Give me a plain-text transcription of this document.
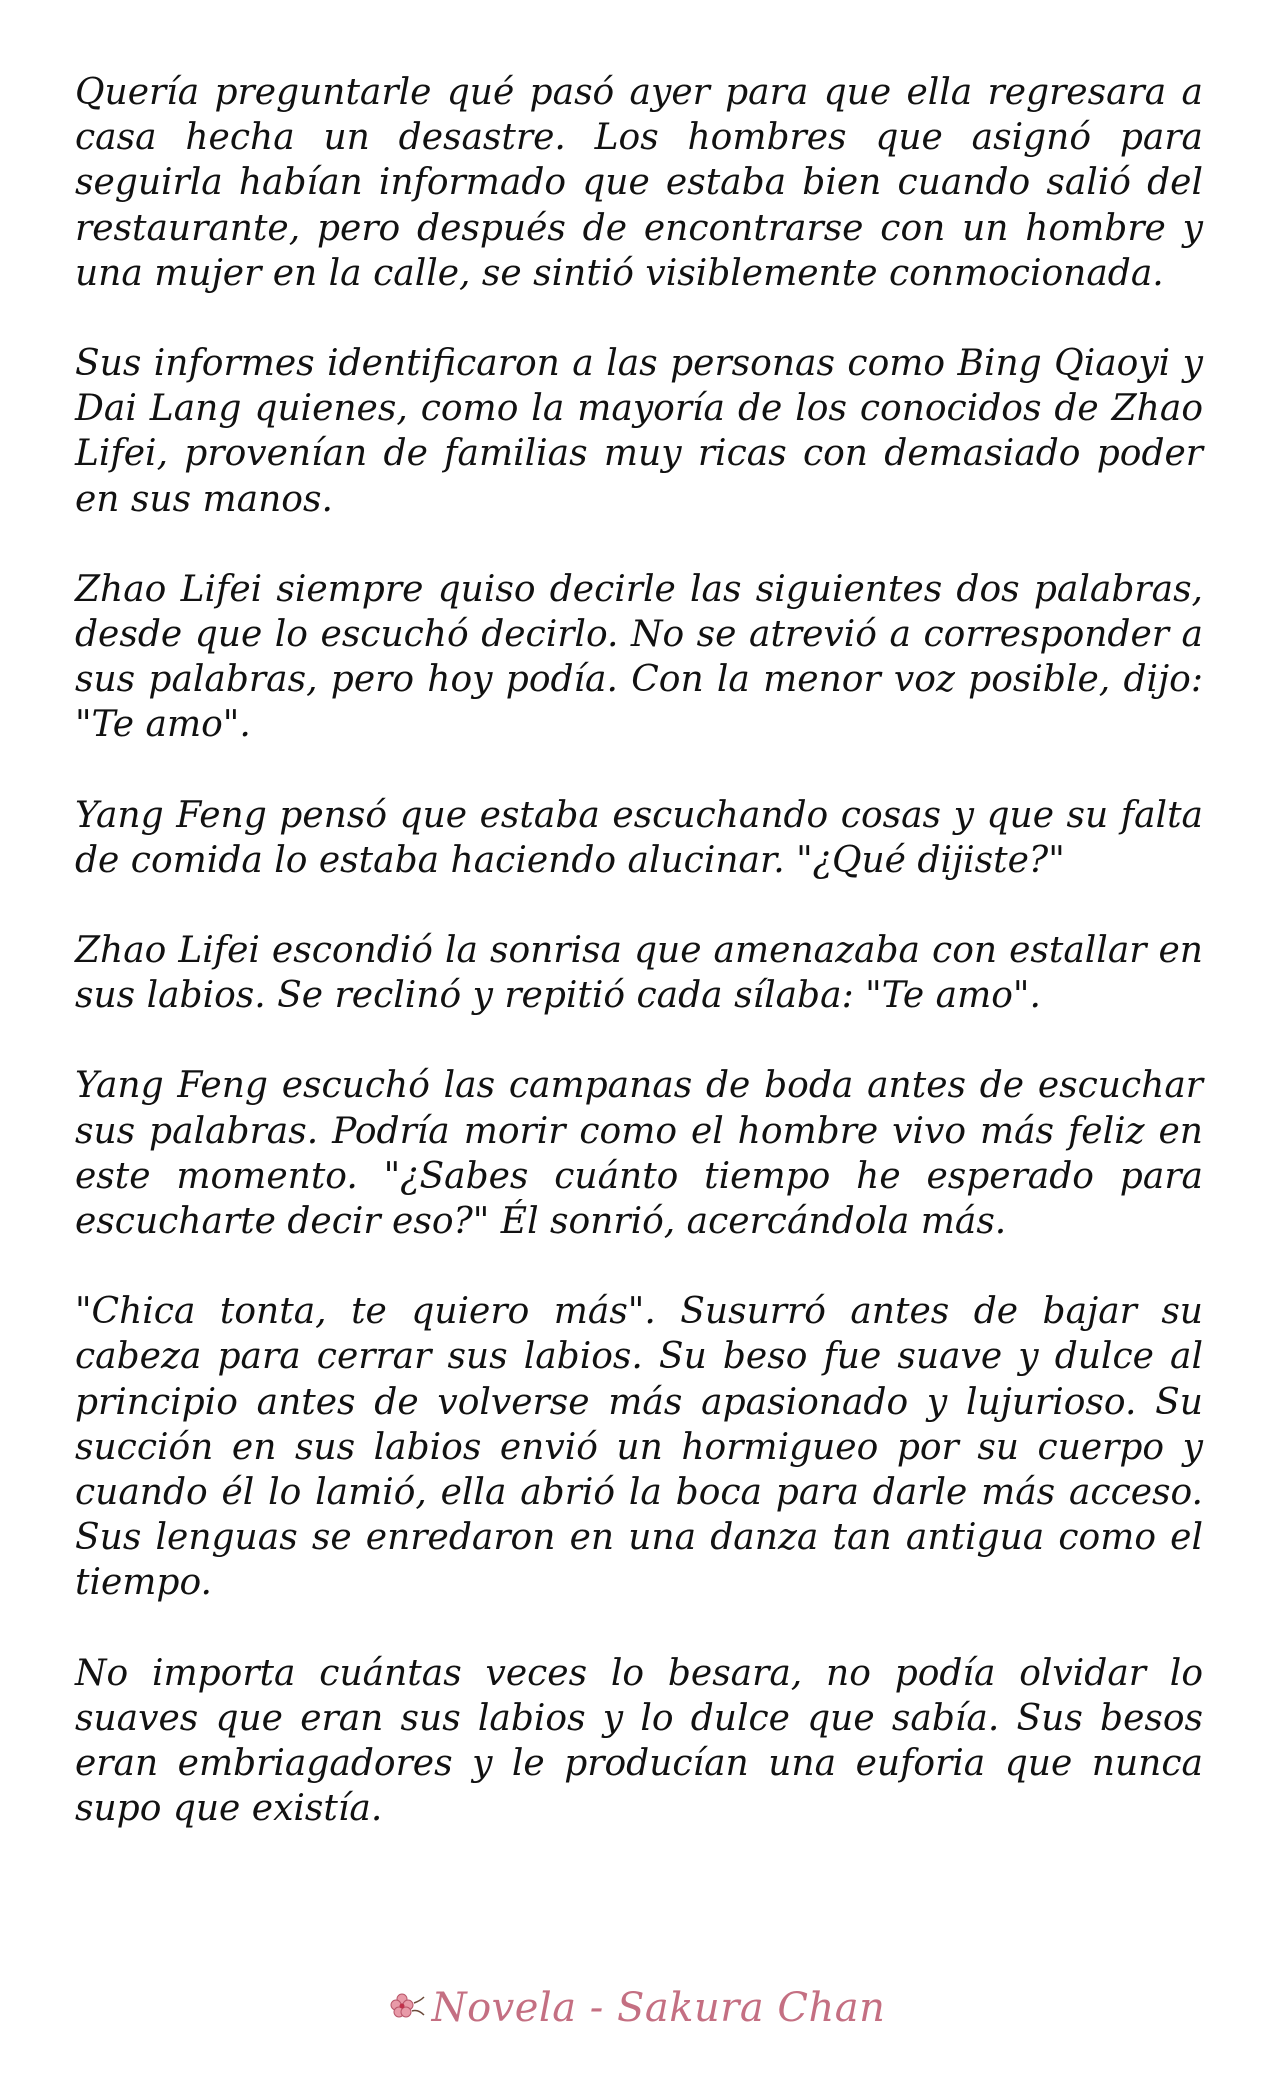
Quería preguntarle qué pasó ayer para que ella regresara a casa hecha un desastre. Los hombres que asignó para seguirla habían informado que estaba bien cuando salió del restaurante, pero después de encontrarse con un hombre y una mujer en la calle, se sintió visiblemente conmocionada.

Sus informes identificaron a las personas como Bing Qiaoyi y Dai Lang quienes, como la mayoría de los conocidos de Zhao Lifei, provenían de familias muy ricas con demasiado poder en sus manos.

Zhao Lifei siempre quiso decirle las siguientes dos palabras, desde que lo escuchó decirlo. No se atrevió a corresponder a sus palabras, pero hoy podía. Con la menor voz posible, dijo: "Te amo".

Yang Feng pensó que estaba escuchando cosas y que su falta de comida lo estaba haciendo alucinar. "¿Qué dijiste?"

Zhao Lifei escondió la sonrisa que amenazaba con estallar en sus labios. Se reclinó y repitió cada sílaba: "Te amo".

Yang Feng escuchó las campanas de boda antes de escuchar sus palabras. Podría morir como el hombre vivo más feliz en este momento. "¿Sabes cuánto tiempo he esperado para escucharte decir eso?" Él sonrió, acercándola más.

"Chica tonta, te quiero más". Susurró antes de bajar su cabeza para cerrar sus labios. Su beso fue suave y dulce al principio antes de volverse más apasionado y lujurioso. Su succión en sus labios envió un hormigueo por su cuerpo y cuando él lo lamió, ella abrió la boca para darle más acceso. Sus lenguas se enredaron en una danza tan antigua como el tiempo.

No importa cuántas veces lo besara, no podía olvidar lo suaves que eran sus labios y lo dulce que sabía. Sus besos eran embriagadores y le producían una euforia que nunca supo que existía.

Novela - Sakura Chan
